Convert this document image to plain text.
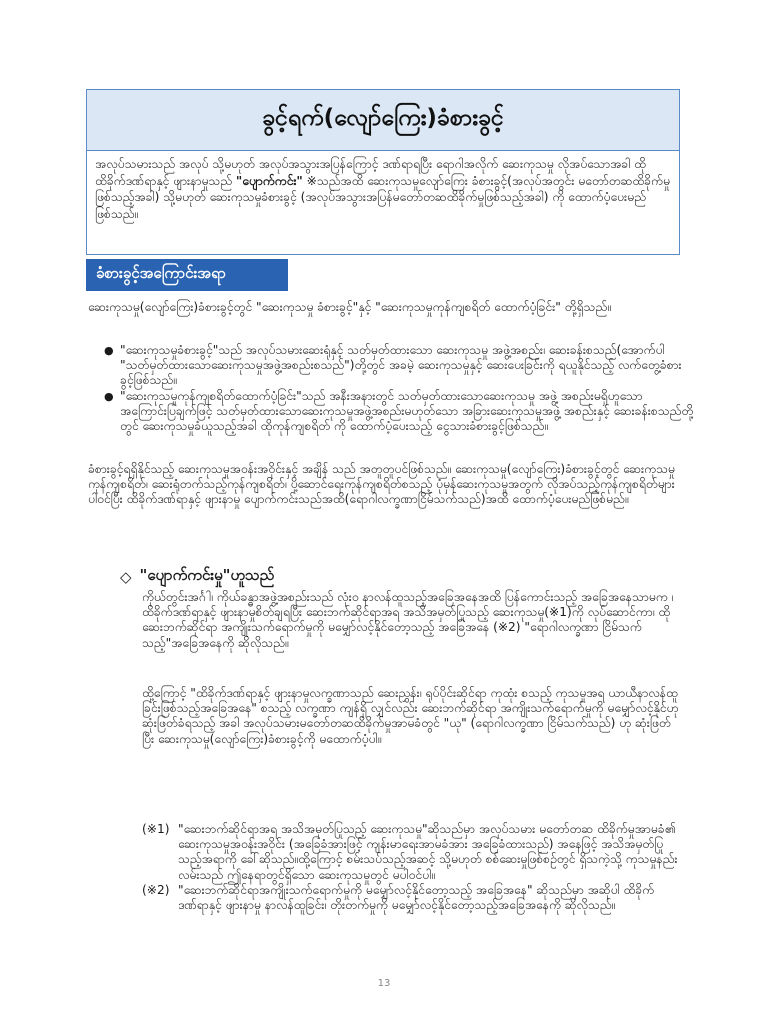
ခွင့်ရက်(လျော်ကြေး)ခံစားခွင့်

အလုပ်သမားသည် အလုပ် သို့မဟုတ် အလုပ်အသွားအပြန်ကြောင့် ဒဏ်ရာရပြီး ရောဂါအလိုက် ဆေးကုသမှု လိုအပ်သောအခါ ထိုထိခိုက်ဒဏ်ရာနှင့် ဖျားနာမှုသည် "ပျောက်ကင်း" ※သည်အထိ ဆေးကုသမှုလျော်ကြေး ခံစားခွင့်(အလုပ်အတွင်း မတော်တဆထိခိုက်မှုဖြစ်သည့်အခါ) သို့မဟုတ် ဆေးကုသမှုခံစားခွင့် (အလုပ်အသွားအပြန်မတော်တဆထိခိုက်မှုဖြစ်သည့်အခါ) ကို ထောက်ပံ့ပေးမည်ဖြစ်သည်။

ခံစားခွင့်အကြောင်းအရာ

ဆေးကုသမှု(လျော်ကြေး)ခံစားခွင့်တွင် "ဆေးကုသမှု ခံစားခွင့်"နှင့် "ဆေးကုသမှုကုန်ကျစရိတ် ထောက်ပံ့ခြင်း" တို့ရှိသည်။

● "ဆေးကုသမှုခံစားခွင့်"သည် အလုပ်သမားဆေးရုံနှင့် သတ်မှတ်ထားသော ဆေးကုသမှု အဖွဲ့အစည်း၊ ဆေးခန်းစသည်(အောက်ပါ "သတ်မှတ်ထားသောဆေးကုသမှုအဖွဲ့အစည်းစသည်")တို့တွင် အခမဲ့ ဆေးကုသမှုနှင့် ဆေးပေးခြင်းကို ရယူနိုင်သည့် လက်တွေ့ခံစားခွင့်ဖြစ်သည်။
● "ဆေးကုသမှုကုန်ကျစရိတ်ထောက်ပံ့ခြင်း"သည် အနီးအနားတွင် သတ်မှတ်ထားသောဆေးကုသမှု အဖွဲ့ အစည်းမရှိဟူသော အကြောင်းပြချက်ဖြင့် သတ်မှတ်ထားသောဆေးကုသမှုအဖွဲ့အစည်းမဟုတ်သော အခြားဆေးကုသမှုအဖွဲ့ အစည်းနှင့် ဆေးခန်းစသည်တို့တွင် ဆေးကုသမှုခံယူသည့်အခါ ထိုကုန်ကျစရိတ် ကို ထောက်ပံ့ပေးသည့် ငွေသားခံစားခွင့်ဖြစ်သည်။

ခံစားခွင့်ရရှိနိုင်သည့် ဆေးကုသမှုအဝန်းအဝိုင်းနှင့် အချိန် သည် အတူတူပင်ဖြစ်သည်။ ဆေးကုသမှု(လျော်ကြေး)ခံစားခွင့်တွင် ဆေးကုသမှု ကုန်ကျစရိတ်၊ ဆေးရုံတက်သည့်ကုန်ကျစရိတ်၊ ပို့ဆောင်ရေးကုန်ကျစရိတ်စသည့် ပုံမှန်ဆေးကုသမှုအတွက် လိုအပ်သည့်ကုန်ကျစရိတ်များပါဝင်ပြီး ထိခိုက်ဒဏ်ရာနှင့် ဖျားနာမှု ပျောက်ကင်းသည်အထိ(ရောဂါလက္ခဏာငြိမ်သက်သည်)အထိ ထောက်ပံ့ပေးမည်ဖြစ်မည်။

◇ "ပျောက်ကင်းမှု"ဟူသည်

ကိုယ်တွင်းအင်္ဂါ၊ ကိုယ်ခန္ဓာအဖွဲ့အစည်းသည် လုံးဝ နာလန်ထူသည့်အခြေအနေအထိ ပြန်ကောင်းသည့် အခြေအနေသာမက ၊ထိခိုက်ဒဏ်ရာနှင့် ဖျားနာမှုစိတ်ချရပြီး ဆေးဘက်ဆိုင်ရာအရ အသိအမှတ်ပြုသည့် ဆေးကုသမှု(※1)ကို လုပ်ဆောင်ကာ၊ ထိုဆေးဘက်ဆိုင်ရာ အကျိုးသက်ရောက်မှုကို မမျှော်လင့်နိုင်တော့သည့် အခြေအနေ (※2) "ရောဂါလက္ခဏာ ငြိမ်သက်သည့်"အခြေအနေကို ဆိုလိုသည်။

ထို့ကြောင့် "ထိခိုက်ဒဏ်ရာနှင့် ဖျားနာမှုလက္ခဏာသည် ဆေးညွှန်း၊ ရုပ်ပိုင်းဆိုင်ရာ ကုထုံး စသည့် ကုသမှုအရ ယာယီနာလန်ထူခြင်းဖြစ်သည့်အခြေအနေ" စသည့် လက္ခဏာ ကျန်ရှိ လျှင်လည်း ဆေးဘက်ဆိုင်ရာ အကျိုးသက်ရောက်မှုကို မမျှော်လင့်နိုင်ဟု ဆုံးဖြတ်ခံရသည့် အခါ အလုပ်သမားမတော်တဆထိခိုက်မှုအာမခံတွင် "ယု" (ရောဂါလက္ခဏာ ငြိမ်သက်သည်) ဟု ဆုံးဖြတ်ပြီး ဆေးကုသမှု(လျော်ကြေး)ခံစားခွင့်ကို မထောက်ပံ့ပါ။

(※1) "ဆေးဘက်ဆိုင်ရာအရ အသိအမှတ်ပြုသည့် ဆေးကုသမှု"ဆိုသည်မှာ အလုပ်သမား မတော်တဆ ထိခိုက်မှုအာမခံ၏ ဆေးကုသမှုအဝန်းအဝိုင်း (အခြေခံအားဖြင့် ကျန်းမာရေးအာမခံအား အခြေခံထားသည်) အနေဖြင့် အသိအမှတ်ပြုသည့်အရာကို ခေါ်ဆိုသည်။ထို့ကြောင့် စမ်းသပ်သည့်အဆင့် သို့မဟုတ် စစ်ဆေးမှုဖြစ်စဉ်တွင် ရှိသကဲ့သို့ ကုသမှုနည်းလမ်းသည် ဤနေရာတွင်ရှိသော ဆေးကုသမှုတွင် မပါဝင်ပါ။
(※2) "ဆေးဘက်ဆိုင်ရာအကျိုးသက်ရောက်မှုကို မမျှော်လင့်နိုင်တော့သည့် အခြေအနေ" ဆိုသည်မှာ အဆိုပါ ထိခိုက်ဒဏ်ရာနှင့် ဖျားနာမှု နာလန်ထူခြင်း၊ တိုးတက်မှုကို မမျှော်လင့်နိုင်တော့သည့်အခြေအနေကို ဆိုလိုသည်။
13
